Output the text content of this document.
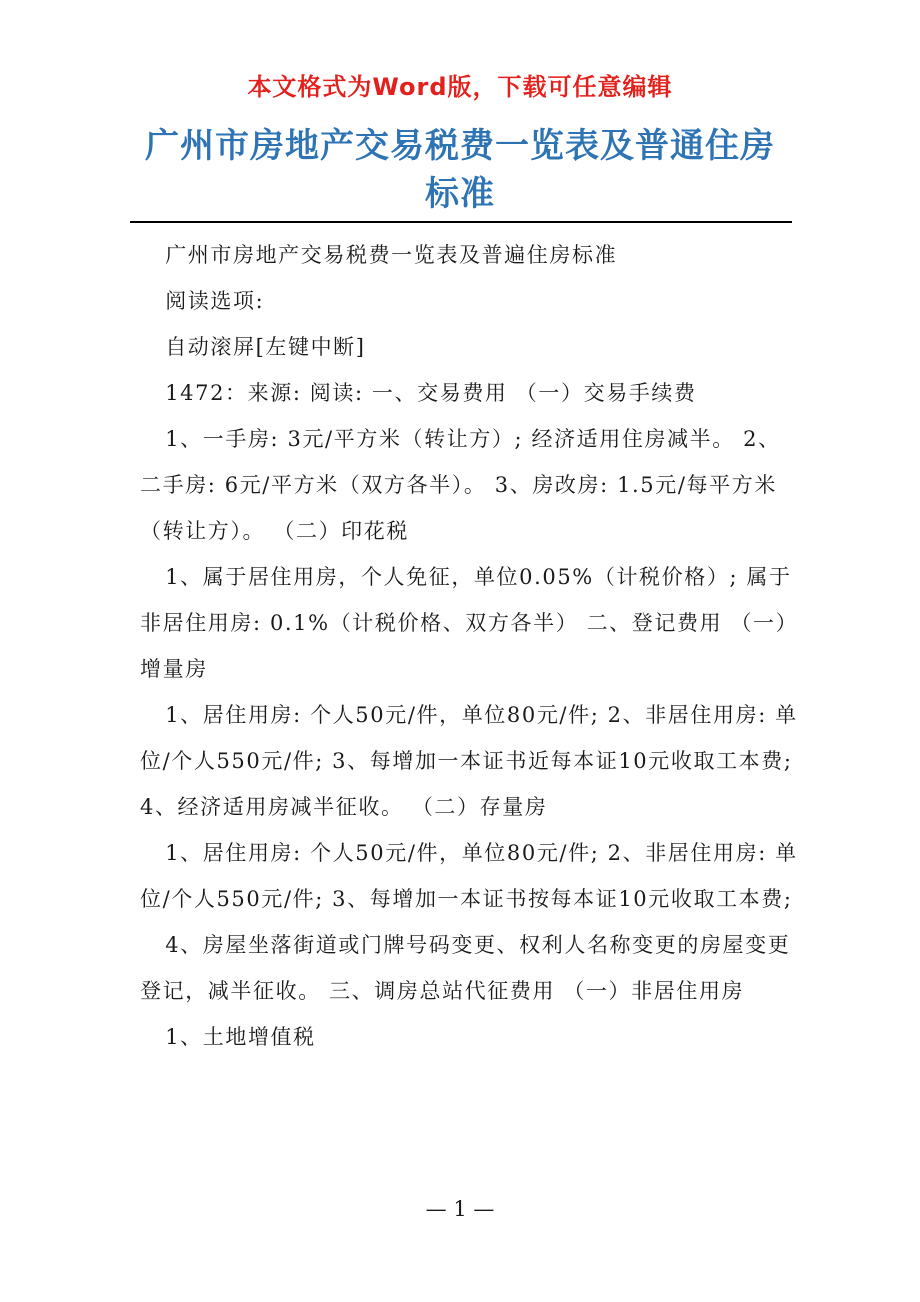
本文格式为Word版，下载可任意编辑
广州市房地产交易税费一览表及普通住房
标准

广州市房地产交易税费一览表及普遍住房标准

阅读选项:

自动滚屏[左键中断]

1472：来源: 阅读: 一、交易费用 （一）交易手续费

1、一手房: 3元/平方米（转让方）; 经济适用住房减半。 2、二手房: 6元/平方米（双方各半）。 3、房改房: 1.5元/每平方米（转让方）。 （二）印花税

1、属于居住用房，个人免征，单位0.05%（计税价格）; 属于非居住用房: 0.1%（计税价格、双方各半） 二、登记费用 （一）增量房

1、居住用房: 个人50元/件，单位80元/件; 2、非居住用房: 单位/个人550元/件; 3、每增加一本证书近每本证10元收取工本费; 4、经济适用房减半征收。 （二）存量房

1、居住用房: 个人50元/件，单位80元/件; 2、非居住用房: 单位/个人550元/件; 3、每增加一本证书按每本证10元收取工本费;

4、房屋坐落街道或门牌号码变更、权利人名称变更的房屋变更登记，减半征收。 三、调房总站代征费用 （一）非居住用房

1、土地增值税

— 1 —
